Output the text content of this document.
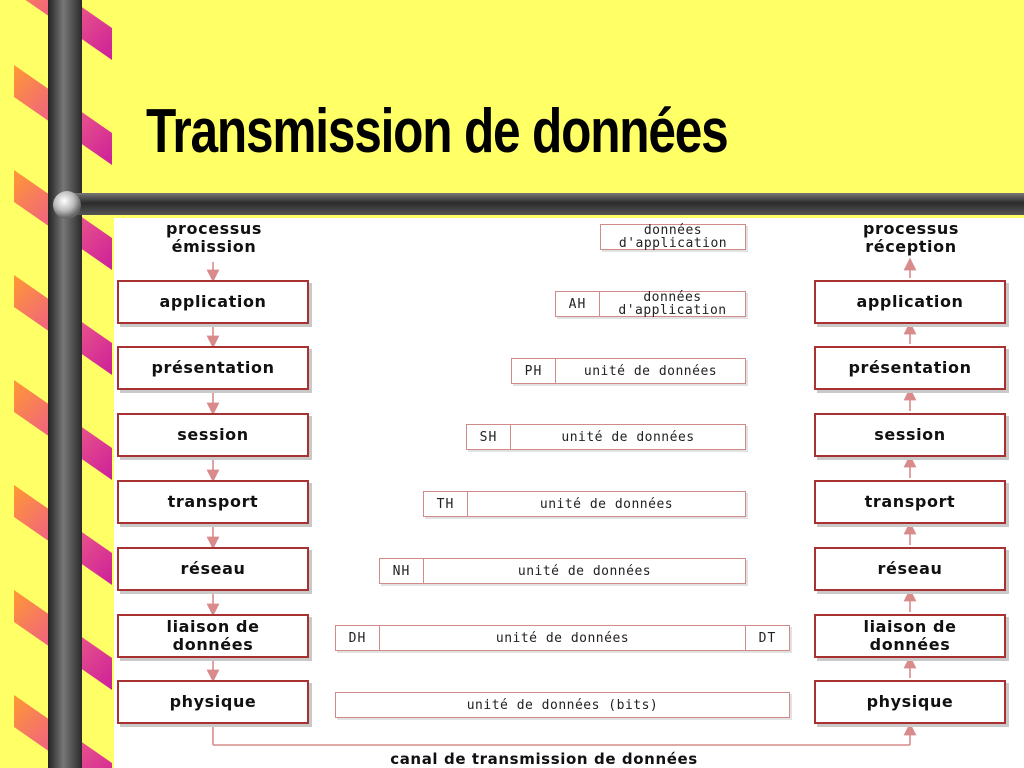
Transmission de données
processus
émission
processus
réception
application
présentation
session
transport
réseau
liaison de
données
physique
application
présentation
session
transport
réseau
liaison de
données
physique
données
d'application
AH	données
d'application
PH	unité de données
SH	unité de données
TH	unité de données
NH	unité de données
DH	unité de données	DT
unité de données (bits)
canal de transmission de données
